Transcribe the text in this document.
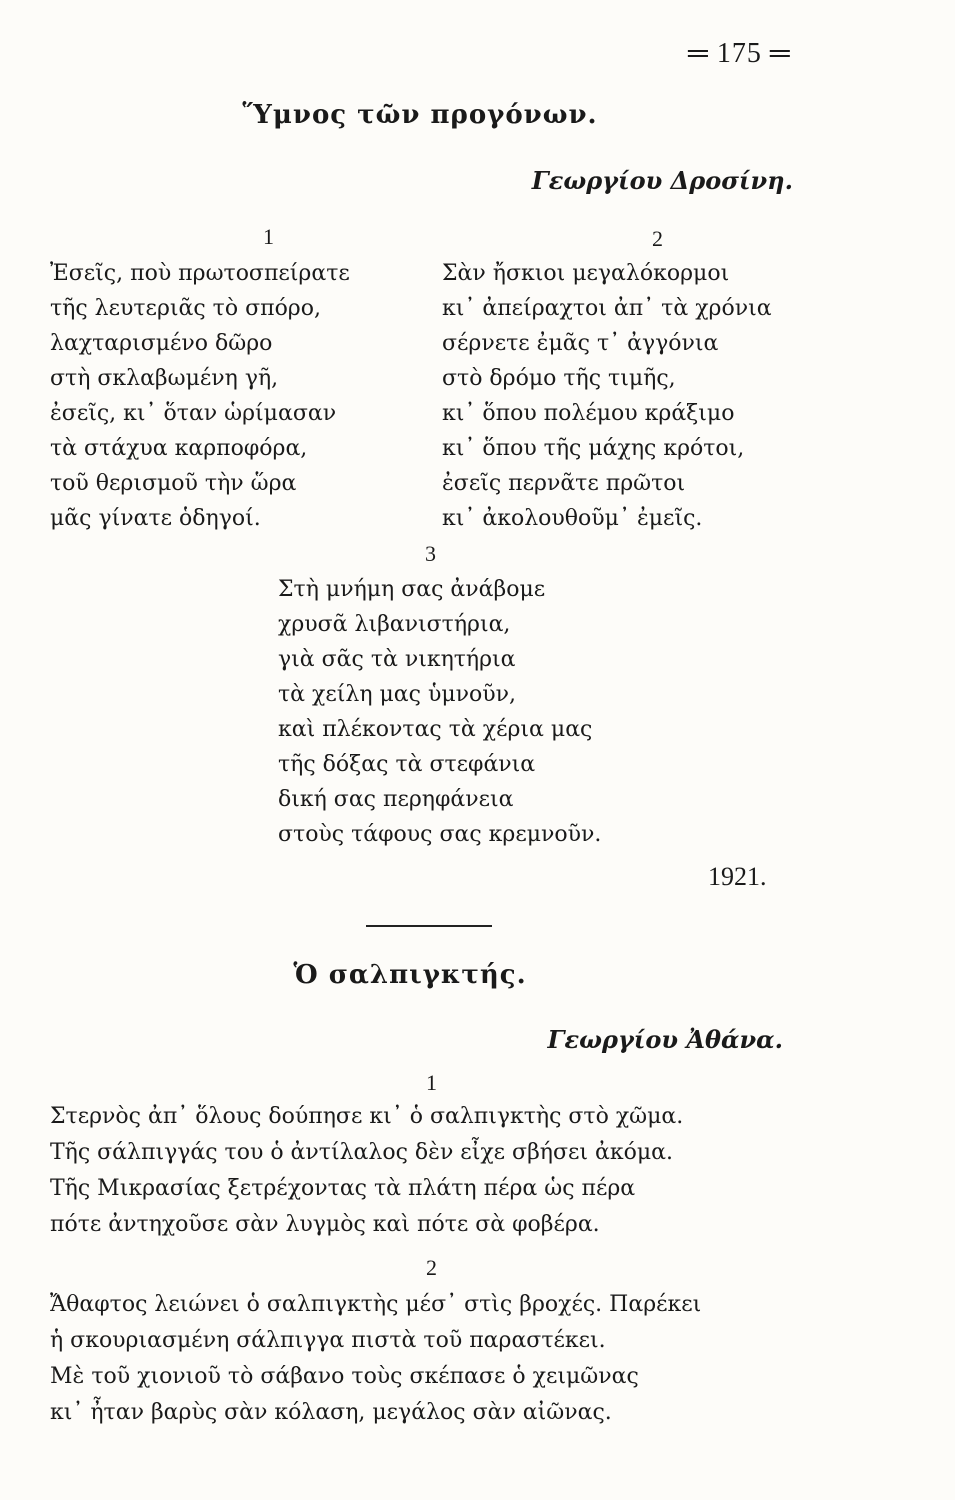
═ 175 ═
Ὕμνος τῶν προγόνων.
Γεωργίου Δροσίνη.
1
Ἐσεῖς, ποὺ πρωτοσπείρατε
τῆς λευτεριᾶς τὸ σπόρο,
λαχταρισμένο δῶρο
στὴ σκλαβωμένη γῆ,
ἐσεῖς, κι᾽ ὅταν ὡρίμασαν
τὰ στάχυα καρποφόρα,
τοῦ θερισμοῦ τὴν ὥρα
μᾶς γίνατε ὁδηγοί.
2
Σὰν ἤσκιοι μεγαλόκορμοι
κι᾽ ἀπείραχτοι ἀπ᾽ τὰ χρόνια
σέρνετε ἐμᾶς τ᾽ ἀγγόνια
στὸ δρόμο τῆς τιμῆς,
κι᾽ ὅπου πολέμου κράξιμο
κι᾽ ὅπου τῆς μάχης κρότοι,
ἐσεῖς περνᾶτε πρῶτοι
κι᾽ ἀκολουθοῦμ᾽ ἐμεῖς.
3
Στὴ μνήμη σας ἀνάβομε
χρυσᾶ λιβανιστήρια,
γιὰ σᾶς τὰ νικητήρια
τὰ χείλη μας ὑμνοῦν,
καὶ πλέκοντας τὰ χέρια μας
τῆς δόξας τὰ στεφάνια
δική σας περηφάνεια
στοὺς τάφους σας κρεμνοῦν.
1921.
Ὁ σαλπιγκτής.
Γεωργίου Ἀθάνα.
1
Στερνὸς ἀπ᾽ ὅλους δούπησε κι᾽ ὁ σαλπιγκτὴς στὸ χῶμα.
Τῆς σάλπιγγάς του ὁ ἀντίλαλος δὲν εἶχε σβήσει ἀκόμα.
Τῆς Μικρασίας ξετρέχοντας τὰ πλάτη πέρα ὡς πέρα
πότε ἀντηχοῦσε σὰν λυγμὸς καὶ πότε σὰ φοβέρα.
2
Ἄθαφτος λειώνει ὁ σαλπιγκτὴς μέσ᾽ στὶς βροχές. Παρέκει
ἡ σκουριασμένη σάλπιγγα πιστὰ τοῦ παραστέκει.
Μὲ τοῦ χιονιοῦ τὸ σάβανο τοὺς σκέπασε ὁ χειμῶνας
κι᾽ ἦταν βαρὺς σὰν κόλαση, μεγάλος σὰν αἰῶνας.
